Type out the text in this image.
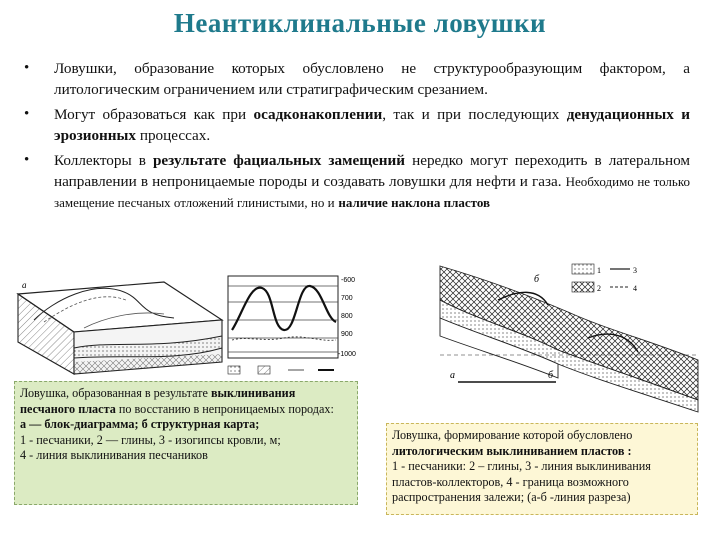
Неантиклинальные ловушки
• Ловушки, образование которых обусловлено не структурообразующим фактором, а литологическим ограничением или стратиграфическим срезанием.
• Могут образоваться как при осадконакоплении, так и при последующих денудационных и эрозионных процессах.
• Коллекторы в результате фациальных замещений нередко могут переходить в латеральном направлении в непроницаемые породы и создавать ловушки для нефти и газа. Необходимо не только замещение песчаных отложений глинистыми, но и наличие наклона пластов
a	-600
700
800
900
-1000
Ловушка, образованная в результате выклинивания
песчаного пласта по восстанию в непроницаемых породах:
а — блок-диаграмма; б структурная карта;
1 - песчаники, 2 — глины, 3 - изогипсы кровли, м;
4 - линия выклинивания песчаников
1	3
2	4
б
а	б
Ловушка, формирование которой обусловлено
литологическим выклиниванием пластов :
1 - песчаники: 2 – глины, 3 - линия выклинивания
пластов-коллекторов, 4 - граница возможного
распространения залежи; (а-б -линия разреза)
